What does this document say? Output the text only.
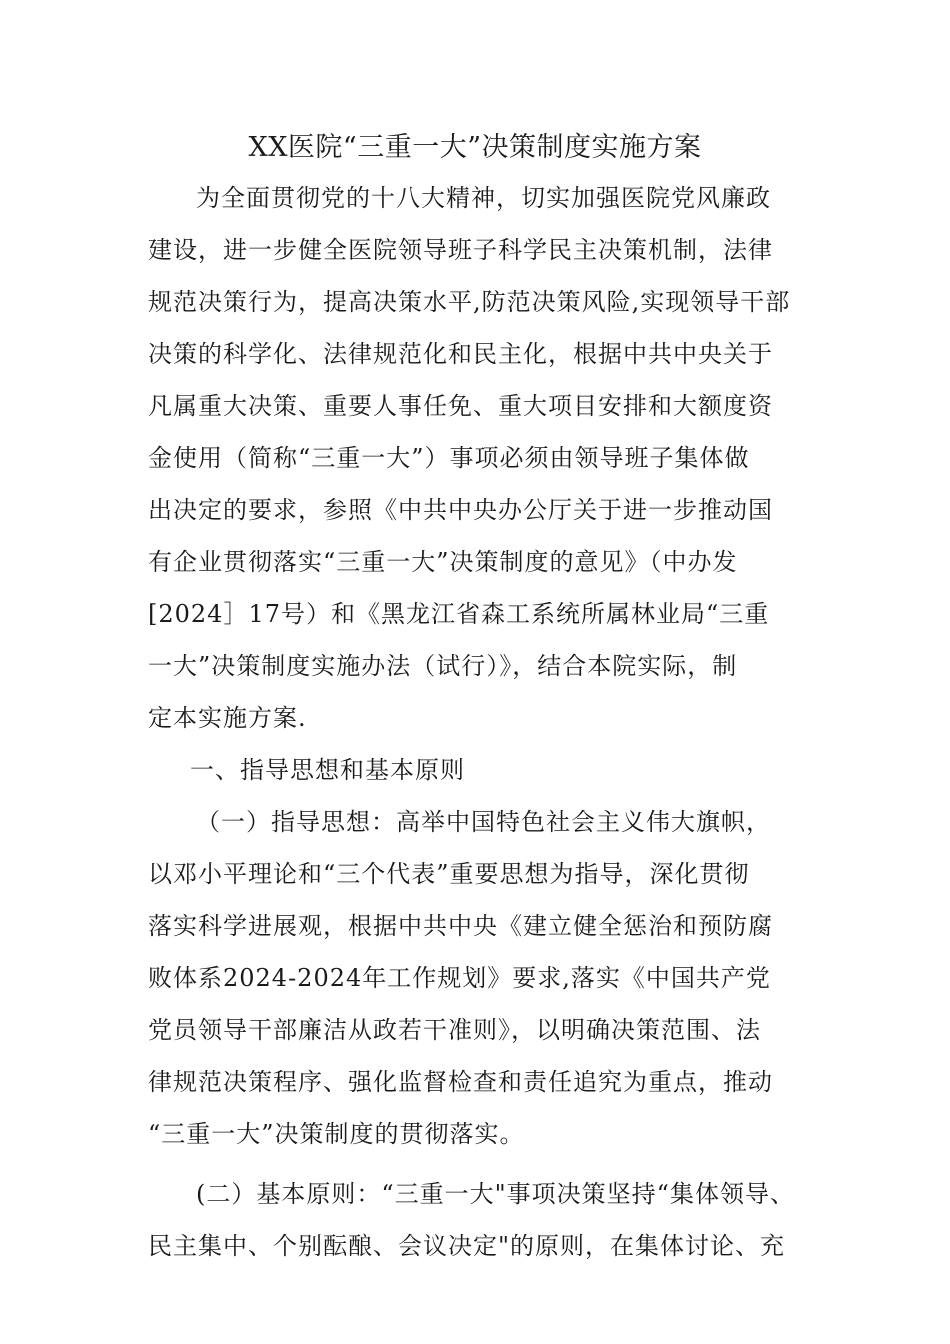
XX医院“三重一大”决策制度实施方案
为全面贯彻党的十八大精神，切实加强医院党风廉政
建设，进一步健全医院领导班子科学民主决策机制，法律
规范决策行为，提高决策水平,防范决策风险,实现领导干部
决策的科学化、法律规范化和民主化，根据中共中央关于
凡属重大决策、重要人事任免、重大项目安排和大额度资
金使用（简称“三重一大”）事项必须由领导班子集体做
出决定的要求，参照《中共中央办公厅关于进一步推动国
有企业贯彻落实“三重一大”决策制度的意见》（中办发
[2024］17号）和《黑龙江省森工系统所属林业局“三重
一大”决策制度实施办法（试行）》，结合本院实际，制
定本实施方案.
一、指导思想和基本原则
（一）指导思想：高举中国特色社会主义伟大旗帜，
以邓小平理论和“三个代表”重要思想为指导，深化贯彻
落实科学进展观，根据中共中央《建立健全惩治和预防腐
败体系2024-2024年工作规划》要求,落实《中国共产党
党员领导干部廉洁从政若干准则》，以明确决策范围、法
律规范决策程序、强化监督检查和责任追究为重点，推动
“三重一大”决策制度的贯彻落实。
(二）基本原则：“三重一大"事项决策坚持“集体领导、
民主集中、个别酝酿、会议决定"的原则，在集体讨论、充
